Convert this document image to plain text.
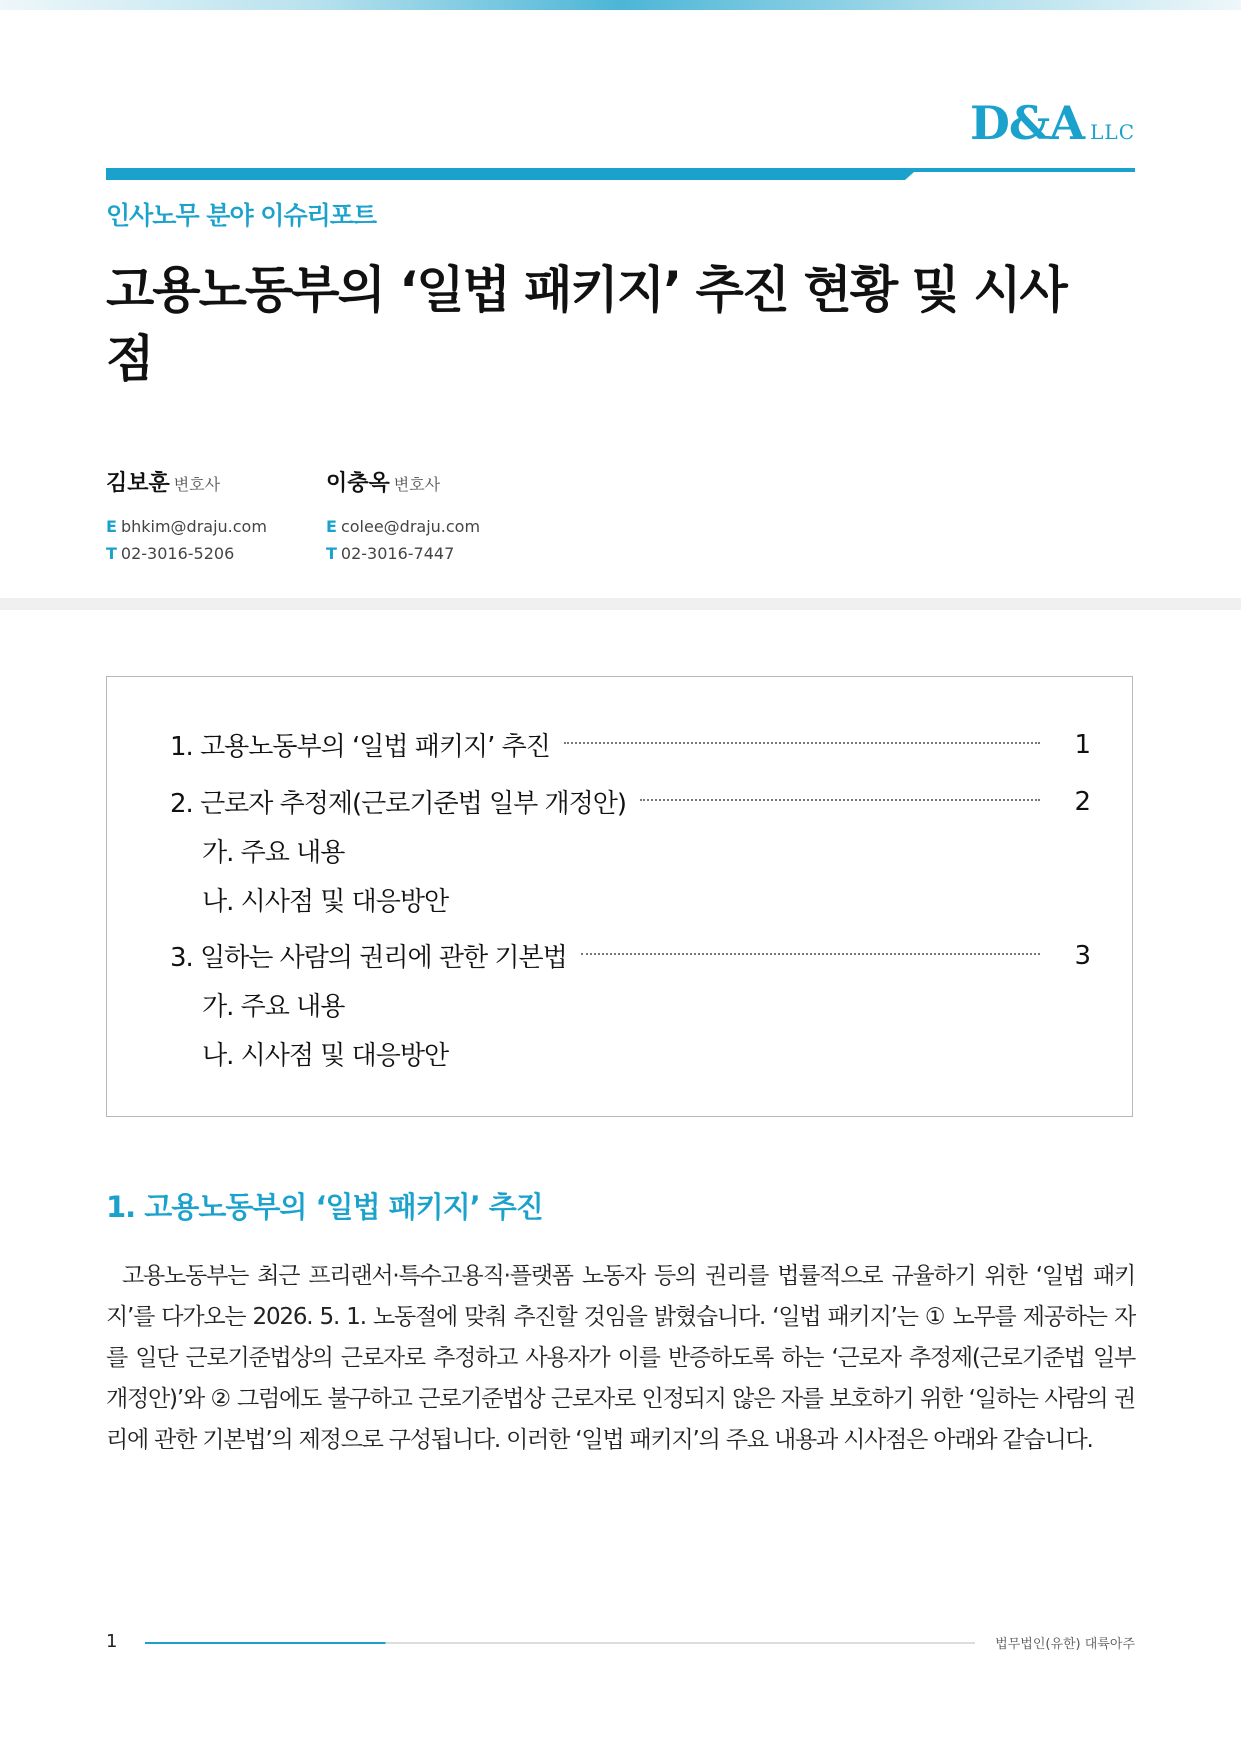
D&A LLC
인사노무 분야 이슈리포트
고용노동부의 ‘일법 패키지’ 추진 현황 및 시사점
김보훈 변호사
E bhkim@draju.com
T 02-3016-5206
이충옥 변호사
E colee@draju.com
T 02-3016-7447
1. 고용노동부의 ‘일법 패키지’ 추진	1
2. 근로자 추정제(근로기준법 일부 개정안)	2
가. 주요 내용
나. 시사점 및 대응방안
3. 일하는 사람의 권리에 관한 기본법	3
가. 주요 내용
나. 시사점 및 대응방안
1. 고용노동부의 ‘일법 패키지’ 추진

고용노동부는 최근 프리랜서·특수고용직·플랫폼 노동자 등의 권리를 법률적으로 규율하기 위한 ‘일법 패키지’를 다가오는 2026. 5. 1. 노동절에 맞춰 추진할 것임을 밝혔습니다. ‘일법 패키지’는 ① 노무를 제공하는 자를 일단 근로기준법상의 근로자로 추정하고 사용자가 이를 반증하도록 하는 ‘근로자 추정제(근로기준법 일부 개정안)’와 ② 그럼에도 불구하고 근로기준법상 근로자로 인정되지 않은 자를 보호하기 위한 ‘일하는 사람의 권리에 관한 기본법’의 제정으로 구성됩니다. 이러한 ‘일법 패키지’의 주요 내용과 시사점은 아래와 같습니다.

1	법무법인(유한) 대륙아주
